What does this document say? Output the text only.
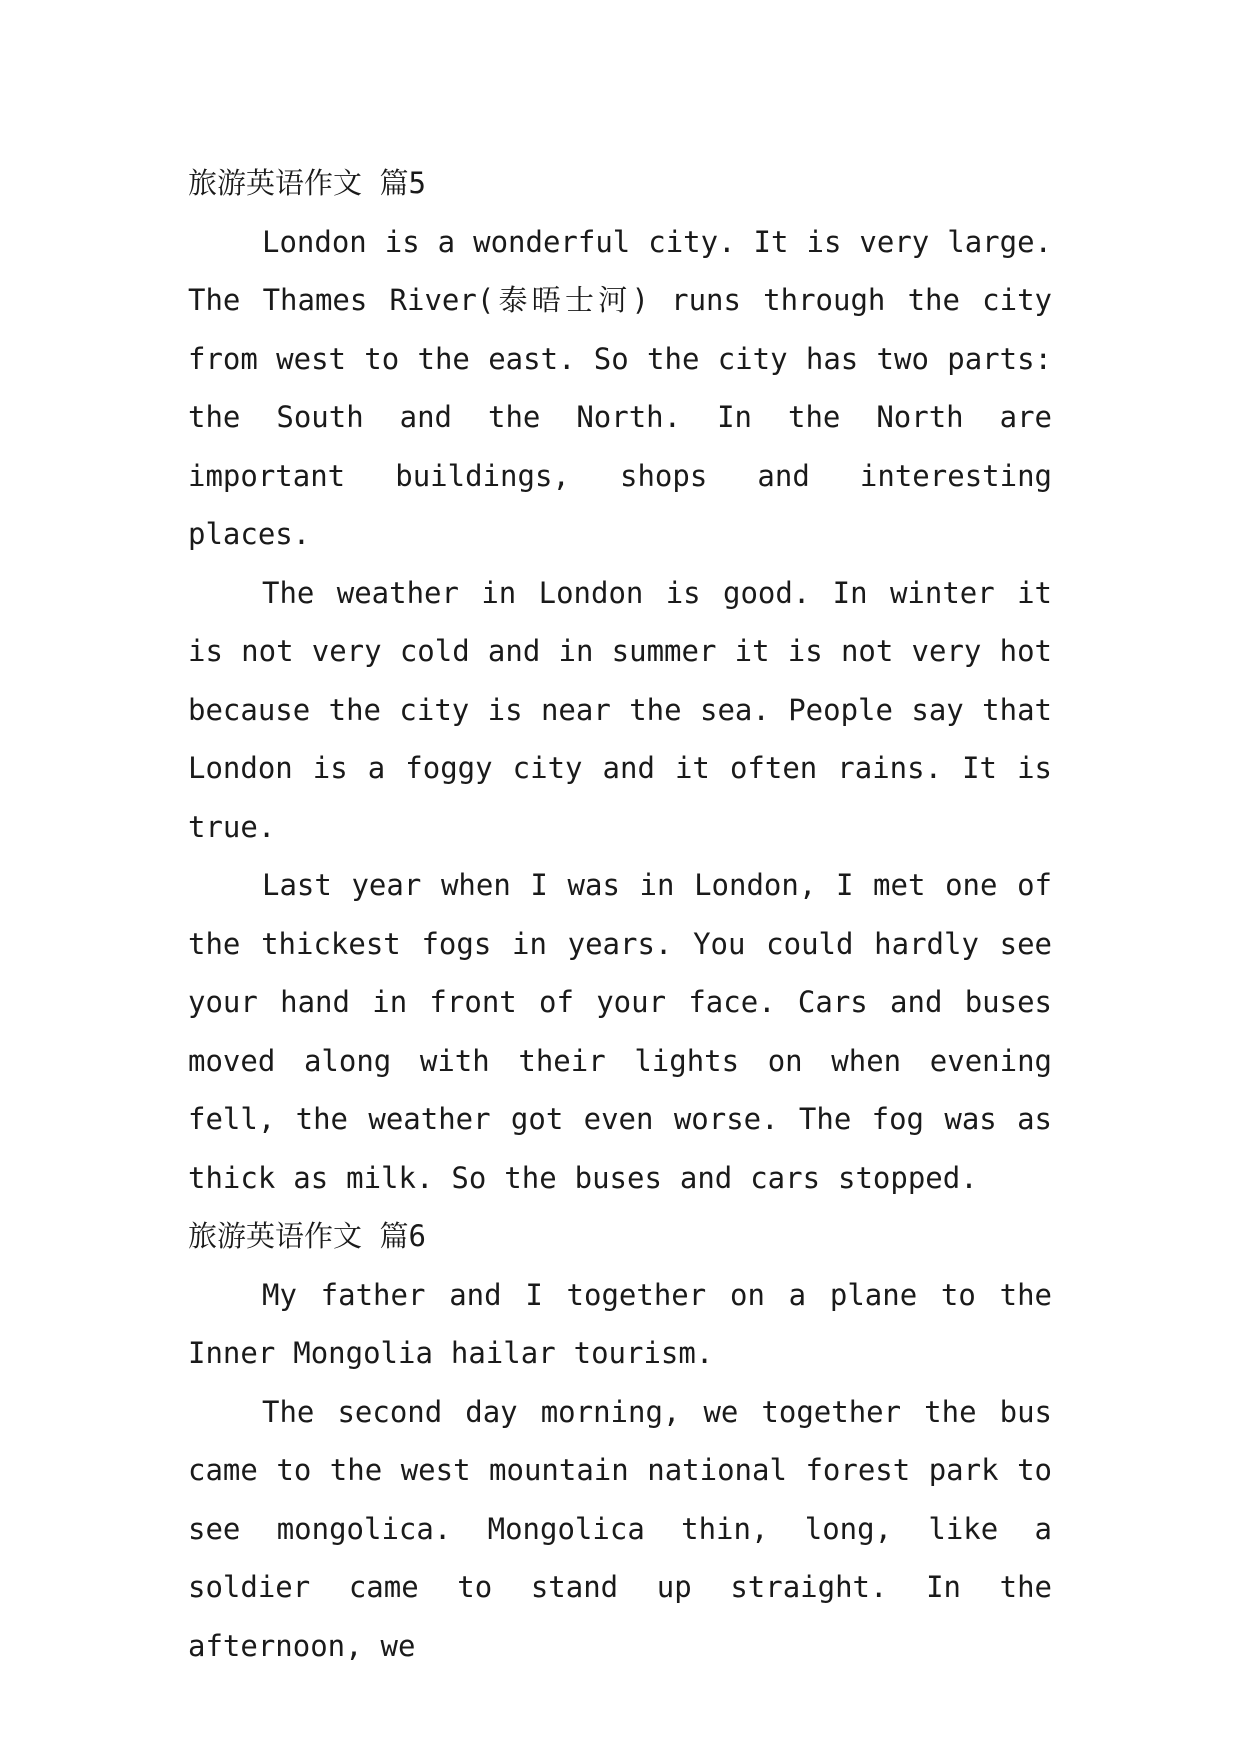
旅游英语作文 篇5

London is a wonderful city. It is very large. The Thames River(泰晤士河) runs through the city from west to the east. So the city has two parts: the South and the North. In the North are important buildings, shops and interesting places.

The weather in London is good. In winter it is not very cold and in summer it is not very hot because the city is near the sea. People say that London is a foggy city and it often rains. It is true.

Last year when I was in London, I met one of the thickest fogs in years. You could hardly see your hand in front of your face. Cars and buses moved along with their lights on when evening fell, the weather got even worse. The fog was as thick as milk. So the buses and cars stopped.

旅游英语作文 篇6

My father and I together on a plane to the Inner Mongolia hailar tourism.

The second day morning, we together the bus came to the west mountain national forest park to see mongolica. Mongolica thin, long, like a soldier came to stand up straight. In the afternoon, we
